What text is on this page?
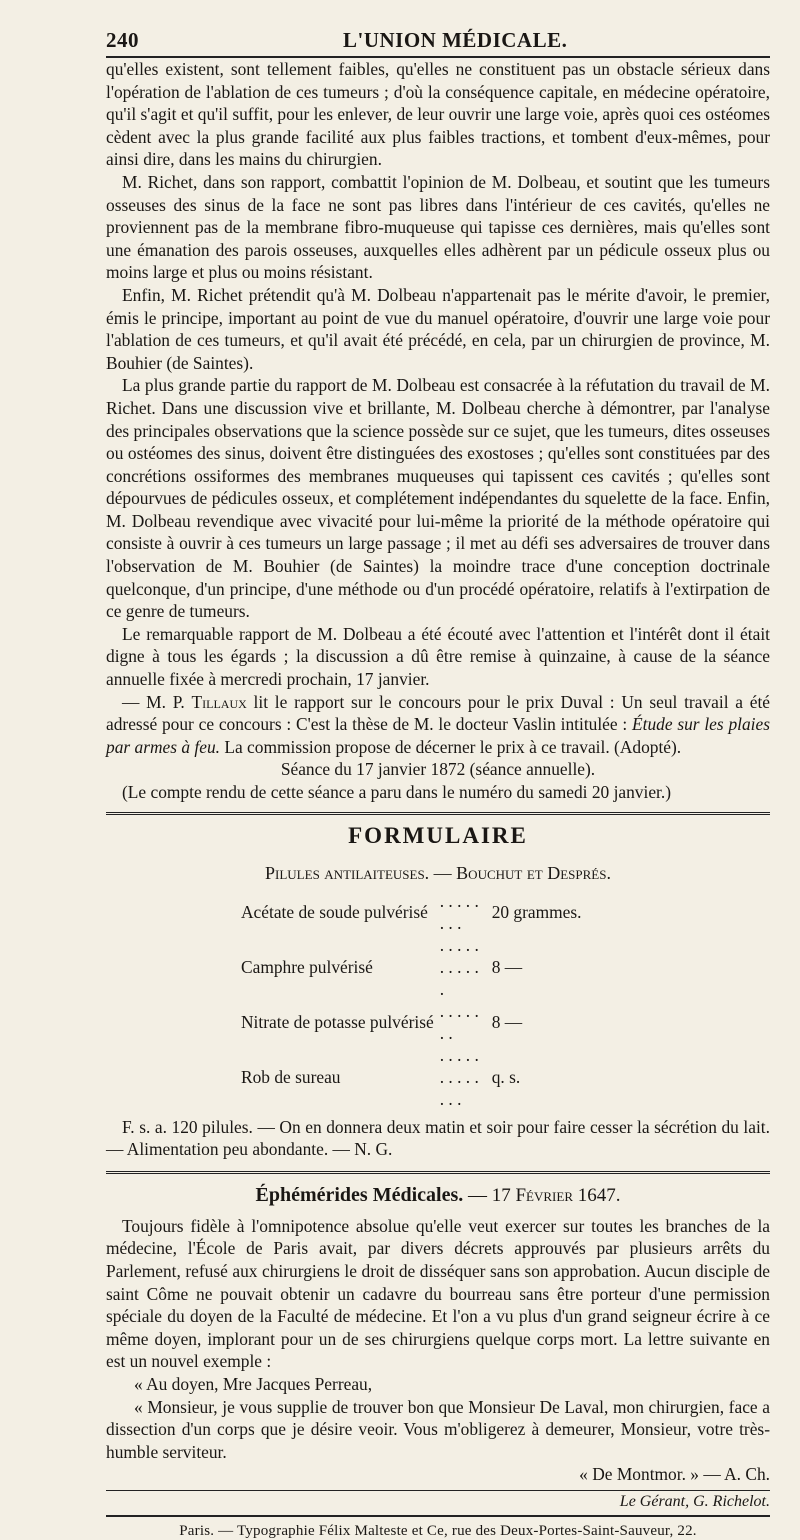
240	L'UNION MÉDICALE.

qu'elles existent, sont tellement faibles, qu'elles ne constituent pas un obstacle sérieux dans l'opération de l'ablation de ces tumeurs ; d'où la conséquence capitale, en médecine opératoire, qu'il s'agit et qu'il suffit, pour les enlever, de leur ouvrir une large voie, après quoi ces ostéomes cèdent avec la plus grande facilité aux plus faibles tractions, et tombent d'eux-mêmes, pour ainsi dire, dans les mains du chirurgien.

M. Richet, dans son rapport, combattit l'opinion de M. Dolbeau, et soutint que les tumeurs osseuses des sinus de la face ne sont pas libres dans l'intérieur de ces cavités, qu'elles ne proviennent pas de la membrane fibro-muqueuse qui tapisse ces dernières, mais qu'elles sont une émanation des parois osseuses, auxquelles elles adhèrent par un pédicule osseux plus ou moins large et plus ou moins résistant.

Enfin, M. Richet prétendit qu'à M. Dolbeau n'appartenait pas le mérite d'avoir, le premier, émis le principe, important au point de vue du manuel opératoire, d'ouvrir une large voie pour l'ablation de ces tumeurs, et qu'il avait été précédé, en cela, par un chirurgien de province, M. Bouhier (de Saintes).

La plus grande partie du rapport de M. Dolbeau est consacrée à la réfutation du travail de M. Richet. Dans une discussion vive et brillante, M. Dolbeau cherche à démontrer, par l'analyse des principales observations que la science possède sur ce sujet, que les tumeurs, dites osseuses ou ostéomes des sinus, doivent être distinguées des exostoses ; qu'elles sont constituées par des concrétions ossiformes des membranes muqueuses qui tapissent ces cavités ; qu'elles sont dépourvues de pédicules osseux, et complétement indépendantes du squelette de la face. Enfin, M. Dolbeau revendique avec vivacité pour lui-même la priorité de la méthode opératoire qui consiste à ouvrir à ces tumeurs un large passage ; il met au défi ses adversaires de trouver dans l'observation de M. Bouhier (de Saintes) la moindre trace d'une conception doctrinale quelconque, d'un principe, d'une méthode ou d'un procédé opératoire, relatifs à l'extirpation de ce genre de tumeurs.

Le remarquable rapport de M. Dolbeau a été écouté avec l'attention et l'intérêt dont il était digne à tous les égards ; la discussion a dû être remise à quinzaine, à cause de la séance annuelle fixée à mercredi prochain, 17 janvier.

— M. P. Tillaux lit le rapport sur le concours pour le prix Duval : Un seul travail a été adressé pour ce concours : C'est la thèse de M. le docteur Vaslin intitulée : Étude sur les plaies par armes à feu. La commission propose de décerner le prix à ce travail. (Adopté).

Séance du 17 janvier 1872 (séance annuelle).

(Le compte rendu de cette séance a paru dans le numéro du samedi 20 janvier.)

FORMULAIRE
Pilules antilaiteuses. — Bouchut et Després.
Acétate de soude pulvérisé	. . . . . . . .	20 grammes.
Camphre pulvérisé	. . . . . . . . . . .	8 —
Nitrate de potasse pulvérisé	. . . . . . .	8 —
Rob de sureau	. . . . . . . . . . . . .	q. s.

F. s. a. 120 pilules. — On en donnera deux matin et soir pour faire cesser la sécrétion du lait. — Alimentation peu abondante. — N. G.

Éphémérides Médicales. — 17 Février 1647.

Toujours fidèle à l'omnipotence absolue qu'elle veut exercer sur toutes les branches de la médecine, l'École de Paris avait, par divers décrets approuvés par plusieurs arrêts du Parlement, refusé aux chirurgiens le droit de disséquer sans son approbation. Aucun disciple de saint Côme ne pouvait obtenir un cadavre du bourreau sans être porteur d'une permission spéciale du doyen de la Faculté de médecine. Et l'on a vu plus d'un grand seigneur écrire à ce même doyen, implorant pour un de ses chirurgiens quelque corps mort. La lettre suivante en est un nouvel exemple :

« Au doyen, Mre Jacques Perreau,

« Monsieur, je vous supplie de trouver bon que Monsieur De Laval, mon chirurgien, face a dissection d'un corps que je désire veoir. Vous m'obligerez à demeurer, Monsieur, votre très-humble serviteur.

« De Montmor. » — A. Ch.

Le Gérant, G. Richelot.
Paris. — Typographie Félix Malteste et Ce, rue des Deux-Portes-Saint-Sauveur, 22.
